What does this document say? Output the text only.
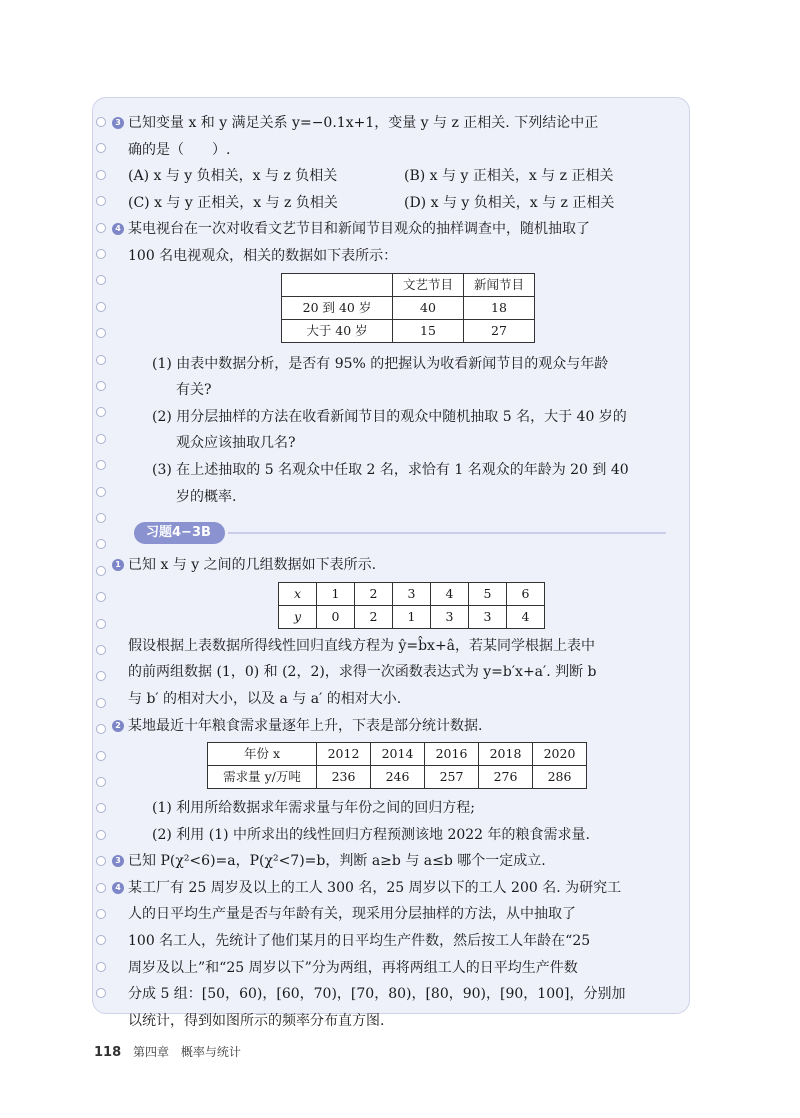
3 已知变量 x 和 y 满足关系 y=−0.1x+1，变量 y 与 z 正相关. 下列结论中正
确的是（　　）.
(A) x 与 y 负相关，x 与 z 负相关	(B) x 与 y 正相关，x 与 z 正相关
(C) x 与 y 正相关，x 与 z 负相关	(D) x 与 y 负相关，x 与 z 正相关
4 某电视台在一次对收看文艺节目和新闻节目观众的抽样调查中，随机抽取了
100 名电视观众，相关的数据如下表所示：
	文艺节目	新闻节目
20 到 40 岁	40	18
大于 40 岁	15	27
(1) 由表中数据分析，是否有 95% 的把握认为收看新闻节目的观众与年龄
有关?
(2) 用分层抽样的方法在收看新闻节目的观众中随机抽取 5 名，大于 40 岁的
观众应该抽取几名?
(3) 在上述抽取的 5 名观众中任取 2 名，求恰有 1 名观众的年龄为 20 到 40
岁的概率.
习题4−3B
1 已知 x 与 y 之间的几组数据如下表所示.
x	1	2	3	4	5	6
y	0	2	1	3	3	4
假设根据上表数据所得线性回归直线方程为 ŷ=b̂x+â，若某同学根据上表中
的前两组数据 (1，0) 和 (2，2)，求得一次函数表达式为 y=b′x+a′. 判断 b
与 b′ 的相对大小，以及 a 与 a′ 的相对大小.
2 某地最近十年粮食需求量逐年上升，下表是部分统计数据.
年份 x	2012	2014	2016	2018	2020
需求量 y/万吨	236	246	257	276	286
(1) 利用所给数据求年需求量与年份之间的回归方程;
(2) 利用 (1) 中所求出的线性回归方程预测该地 2022 年的粮食需求量.
3 已知 P(χ²<6)=a，P(χ²<7)=b，判断 a≥b 与 a≤b 哪个一定成立.
4 某工厂有 25 周岁及以上的工人 300 名，25 周岁以下的工人 200 名. 为研究工
人的日平均生产量是否与年龄有关，现采用分层抽样的方法，从中抽取了
100 名工人，先统计了他们某月的日平均生产件数，然后按工人年龄在“25
周岁及以上”和“25 周岁以下”分为两组，再将两组工人的日平均生产件数
分成 5 组：[50，60)，[60，70)，[70，80)，[80，90)，[90，100]，分别加
以统计，得到如图所示的频率分布直方图.
118 第四章 概率与统计
